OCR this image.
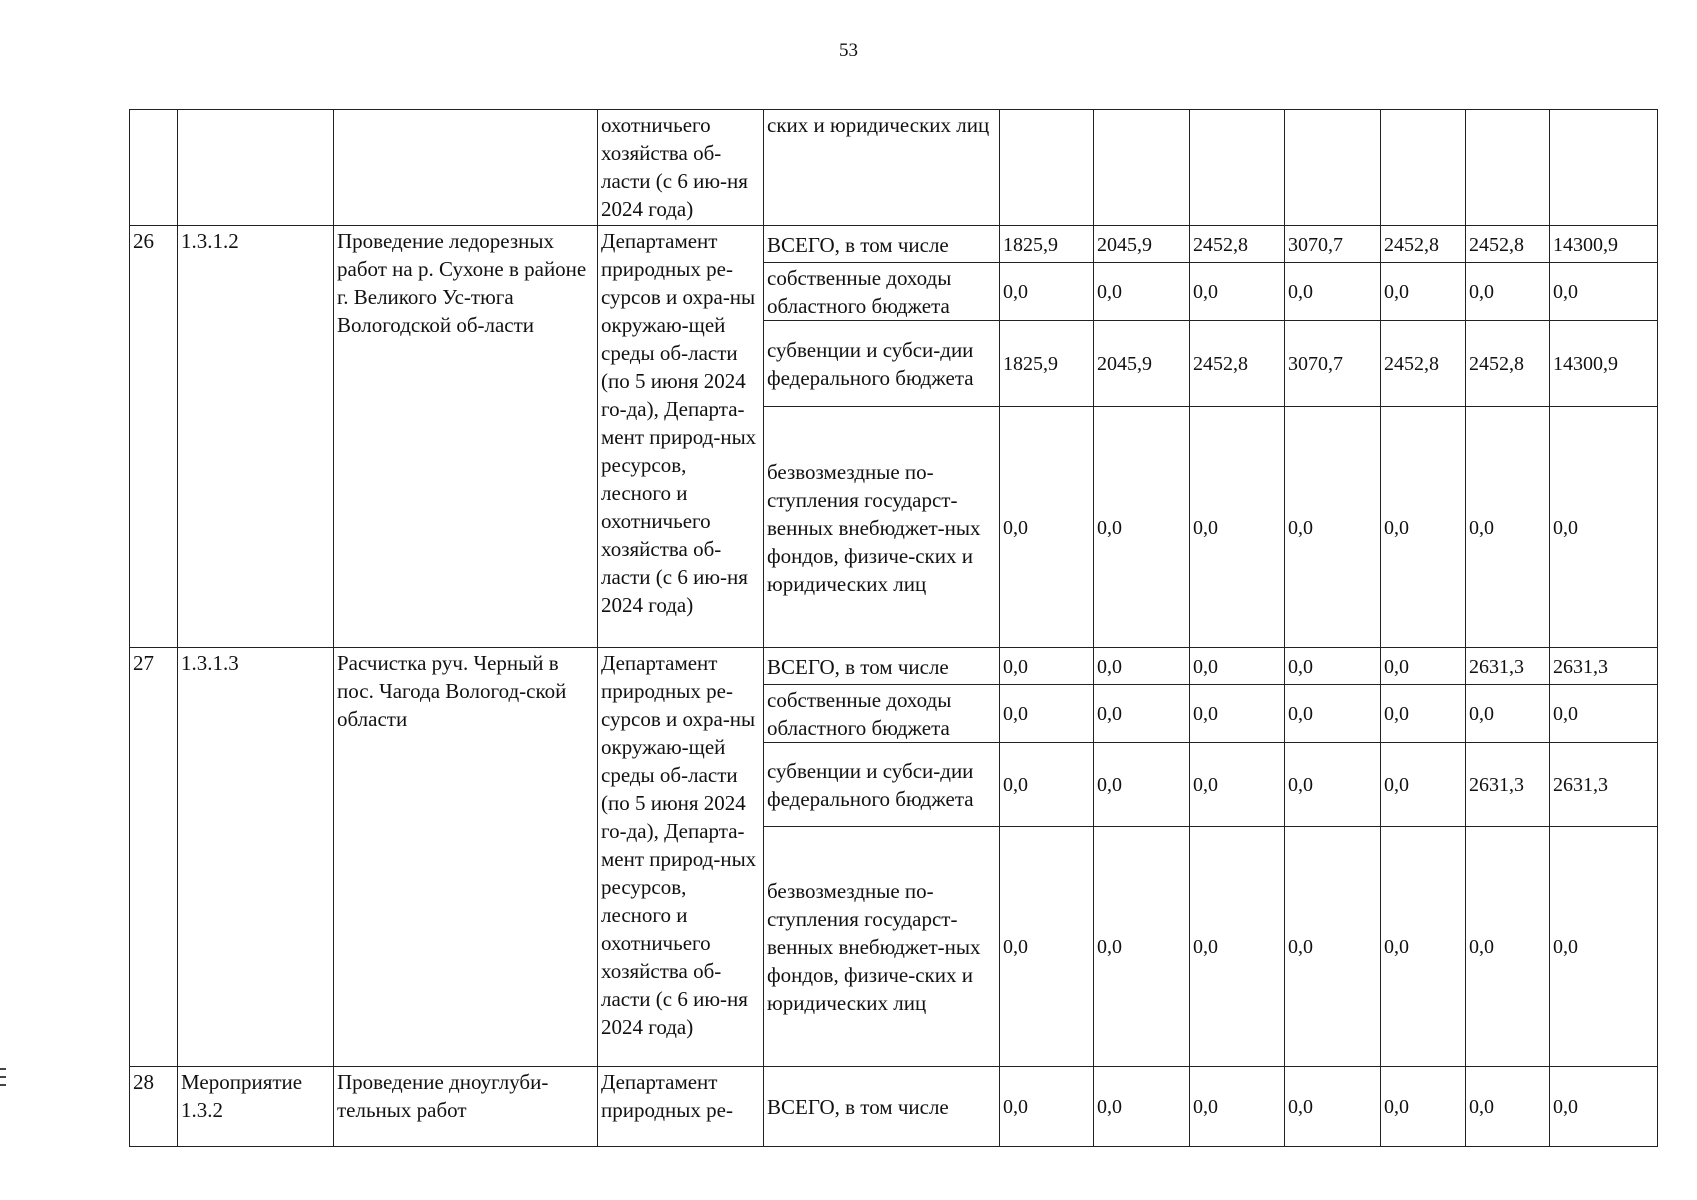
53
			охотничьего хозяйства об-ласти (с 6 ию-ня 2024 года)	ских и юридических лиц							
26	1.3.1.2	Проведение ледорезных работ на р. Сухоне в районе г. Великого Ус-тюга Вологодской об-ласти	Департамент природных ре-сурсов и охра-ны окружаю-щей среды об-ласти (по 5 июня 2024 го-да), Департа-мент природ-ных ресурсов, лесного и охотничьего хозяйства об-ласти (с 6 ию-ня 2024 года)	ВСЕГО, в том числе	1825,9	2045,9	2452,8	3070,7	2452,8	2452,8	14300,9
				собственные доходы областного бюджета	0,0	0,0	0,0	0,0	0,0	0,0	0,0
				субвенции и субси-дии федерального бюджета	1825,9	2045,9	2452,8	3070,7	2452,8	2452,8	14300,9
				безвозмездные по-ступления государст-венных внебюджет-ных фондов, физиче-ских и юридических лиц	0,0	0,0	0,0	0,0	0,0	0,0	0,0
27	1.3.1.3	Расчистка руч. Черный в пос. Чагода Вологод-ской области	Департамент природных ре-сурсов и охра-ны окружаю-щей среды об-ласти (по 5 июня 2024 го-да), Департа-мент природ-ных ресурсов, лесного и охотничьего хозяйства об-ласти (с 6 ию-ня 2024 года)	ВСЕГО, в том числе	0,0	0,0	0,0	0,0	0,0	2631,3	2631,3
				собственные доходы областного бюджета	0,0	0,0	0,0	0,0	0,0	0,0	0,0
				субвенции и субси-дии федерального бюджета	0,0	0,0	0,0	0,0	0,0	2631,3	2631,3
				безвозмездные по-ступления государст-венных внебюджет-ных фондов, физиче-ских и юридических лиц	0,0	0,0	0,0	0,0	0,0	0,0	0,0
28	Мероприятие 1.3.2	Проведение дноуглуби-тельных работ	Департамент природных ре-	ВСЕГО, в том числе	0,0	0,0	0,0	0,0	0,0	0,0	0,0
